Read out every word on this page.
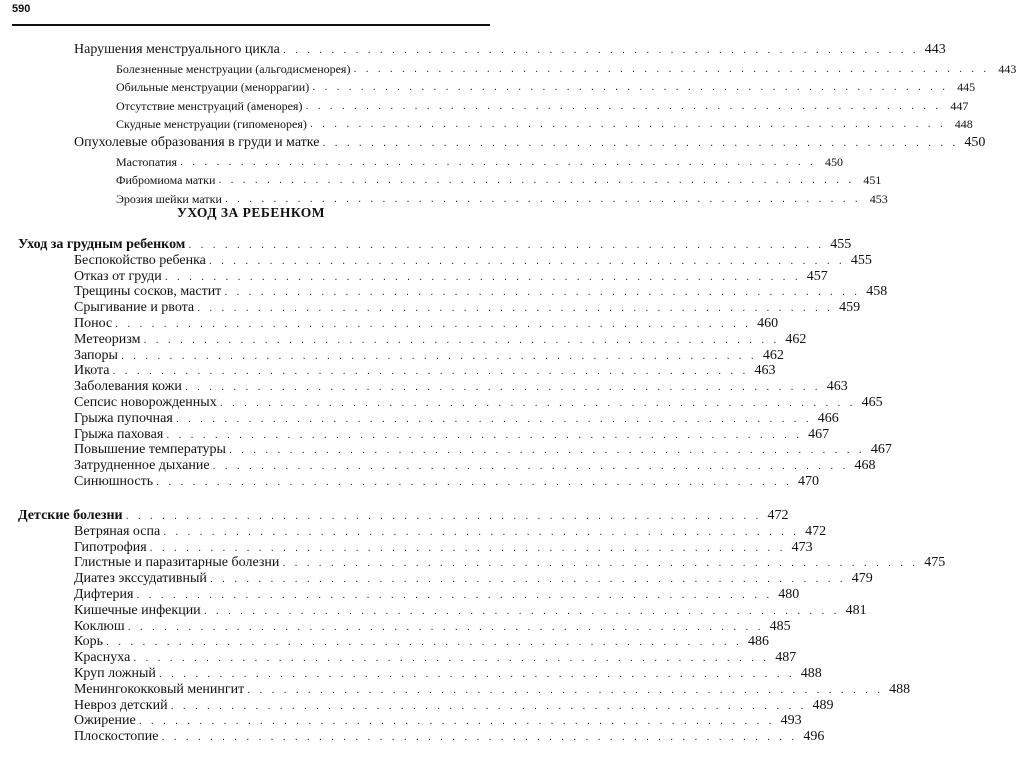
590
УХОД ЗА РЕБЕНКОМ
Нарушения менструального цикла . . . . . . . . . . . . . . . . . . . . . . . . . . . . . . . . . . . . . . . . . . . . . . . . . . . . . 443
Болезненные менструации (альгодисменорея) . . . . . . . . . . . . . . . . . . . . . . . . . . . . . . . . . . . . . . . . . . . . . . . . . . . . . 443
Обильные менструации (меноррагии) . . . . . . . . . . . . . . . . . . . . . . . . . . . . . . . . . . . . . . . . . . . . . . . . . . . . . 445
Отсутствие менструаций (аменорея) . . . . . . . . . . . . . . . . . . . . . . . . . . . . . . . . . . . . . . . . . . . . . . . . . . . . . 447
Скудные менструации (гипоменорея) . . . . . . . . . . . . . . . . . . . . . . . . . . . . . . . . . . . . . . . . . . . . . . . . . . . . . 448
Опухолевые образования в груди и матке . . . . . . . . . . . . . . . . . . . . . . . . . . . . . . . . . . . . . . . . . . . . . . . . . . . . . 450
Мастопатия . . . . . . . . . . . . . . . . . . . . . . . . . . . . . . . . . . . . . . . . . . . . . . . . . . . . . 450
Фибромиома матки . . . . . . . . . . . . . . . . . . . . . . . . . . . . . . . . . . . . . . . . . . . . . . . . . . . . . 451
Эрозия шейки матки . . . . . . . . . . . . . . . . . . . . . . . . . . . . . . . . . . . . . . . . . . . . . . . . . . . . . 453
Уход за грудным ребенком . . . . . . . . . . . . . . . . . . . . . . . . . . . . . . . . . . . . . . . . . . . . . . . . . . . . . 455
Беспокойство ребенка . . . . . . . . . . . . . . . . . . . . . . . . . . . . . . . . . . . . . . . . . . . . . . . . . . . . . 455
Отказ от груди . . . . . . . . . . . . . . . . . . . . . . . . . . . . . . . . . . . . . . . . . . . . . . . . . . . . . 457
Трещины сосков, мастит . . . . . . . . . . . . . . . . . . . . . . . . . . . . . . . . . . . . . . . . . . . . . . . . . . . . . 458
Срыгивание и рвота . . . . . . . . . . . . . . . . . . . . . . . . . . . . . . . . . . . . . . . . . . . . . . . . . . . . . 459
Понос . . . . . . . . . . . . . . . . . . . . . . . . . . . . . . . . . . . . . . . . . . . . . . . . . . . . . 460
Метеоризм . . . . . . . . . . . . . . . . . . . . . . . . . . . . . . . . . . . . . . . . . . . . . . . . . . . . . 462
Запоры . . . . . . . . . . . . . . . . . . . . . . . . . . . . . . . . . . . . . . . . . . . . . . . . . . . . . 462
Икота . . . . . . . . . . . . . . . . . . . . . . . . . . . . . . . . . . . . . . . . . . . . . . . . . . . . . 463
Заболевания кожи . . . . . . . . . . . . . . . . . . . . . . . . . . . . . . . . . . . . . . . . . . . . . . . . . . . . . 463
Сепсис новорожденных . . . . . . . . . . . . . . . . . . . . . . . . . . . . . . . . . . . . . . . . . . . . . . . . . . . . . 465
Грыжа пупочная . . . . . . . . . . . . . . . . . . . . . . . . . . . . . . . . . . . . . . . . . . . . . . . . . . . . . 466
Грыжа паховая . . . . . . . . . . . . . . . . . . . . . . . . . . . . . . . . . . . . . . . . . . . . . . . . . . . . . 467
Повышение температуры . . . . . . . . . . . . . . . . . . . . . . . . . . . . . . . . . . . . . . . . . . . . . . . . . . . . . 467
Затрудненное дыхание . . . . . . . . . . . . . . . . . . . . . . . . . . . . . . . . . . . . . . . . . . . . . . . . . . . . . 468
Синюшность . . . . . . . . . . . . . . . . . . . . . . . . . . . . . . . . . . . . . . . . . . . . . . . . . . . . . 470
Детские болезни . . . . . . . . . . . . . . . . . . . . . . . . . . . . . . . . . . . . . . . . . . . . . . . . . . . . . 472
Ветряная оспа . . . . . . . . . . . . . . . . . . . . . . . . . . . . . . . . . . . . . . . . . . . . . . . . . . . . . 472
Гипотрофия . . . . . . . . . . . . . . . . . . . . . . . . . . . . . . . . . . . . . . . . . . . . . . . . . . . . . 473
Глистные и паразитарные болезни . . . . . . . . . . . . . . . . . . . . . . . . . . . . . . . . . . . . . . . . . . . . . . . . . . . . . 475
Диатез экссудативный . . . . . . . . . . . . . . . . . . . . . . . . . . . . . . . . . . . . . . . . . . . . . . . . . . . . . 479
Дифтерия . . . . . . . . . . . . . . . . . . . . . . . . . . . . . . . . . . . . . . . . . . . . . . . . . . . . . 480
Кишечные инфекции . . . . . . . . . . . . . . . . . . . . . . . . . . . . . . . . . . . . . . . . . . . . . . . . . . . . . 481
Коклюш . . . . . . . . . . . . . . . . . . . . . . . . . . . . . . . . . . . . . . . . . . . . . . . . . . . . . 485
Корь . . . . . . . . . . . . . . . . . . . . . . . . . . . . . . . . . . . . . . . . . . . . . . . . . . . . . 486
Краснуха . . . . . . . . . . . . . . . . . . . . . . . . . . . . . . . . . . . . . . . . . . . . . . . . . . . . . 487
Круп ложный . . . . . . . . . . . . . . . . . . . . . . . . . . . . . . . . . . . . . . . . . . . . . . . . . . . . . 488
Менингококковый менингит . . . . . . . . . . . . . . . . . . . . . . . . . . . . . . . . . . . . . . . . . . . . . . . . . . . . . 488
Невроз детский . . . . . . . . . . . . . . . . . . . . . . . . . . . . . . . . . . . . . . . . . . . . . . . . . . . . . 489
Ожирение . . . . . . . . . . . . . . . . . . . . . . . . . . . . . . . . . . . . . . . . . . . . . . . . . . . . . 493
Плоскостопие . . . . . . . . . . . . . . . . . . . . . . . . . . . . . . . . . . . . . . . . . . . . . . . . . . . . . 496
